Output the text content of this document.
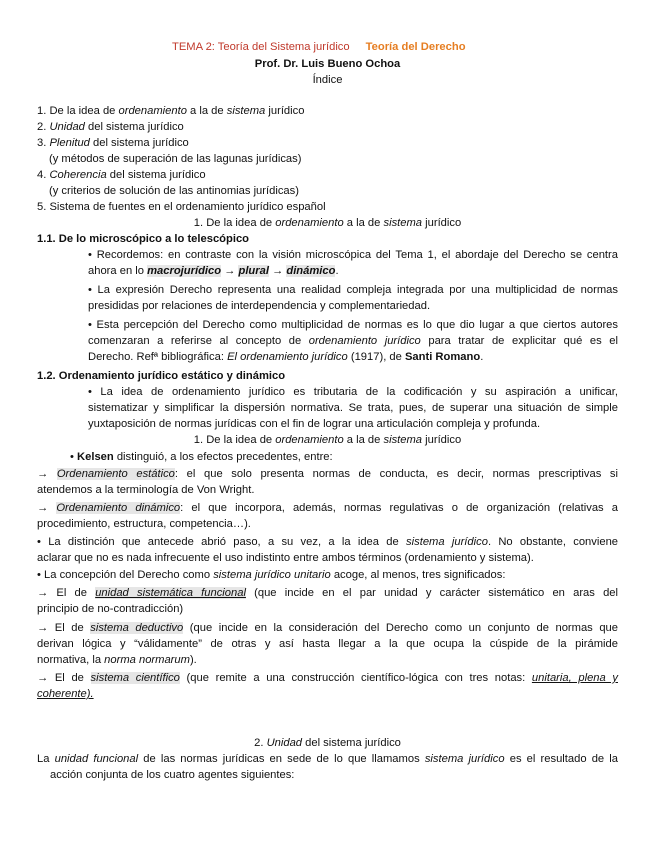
TEMA 2: Teoría del Sistema jurídico Teoría del Derecho
Prof. Dr. Luis Bueno Ochoa
Índice
1. De la idea de ordenamiento a la de sistema jurídico
2. Unidad del sistema jurídico
3. Plenitud del sistema jurídico
(y métodos de superación de las lagunas jurídicas)
4. Coherencia del sistema jurídico
(y criterios de solución de las antinomias jurídicas)
5. Sistema de fuentes en el ordenamiento jurídico español
1. De la idea de ordenamiento a la de sistema jurídico
1.1. De lo microscópico a lo telescópico
• Recordemos: en contraste con la visión microscópica del Tema 1, el abordaje del Derecho se centra
ahora en lo macrojurídico → plural → dinámico.
• La expresión Derecho representa una realidad compleja integrada por una multiplicidad de normas
presididas por relaciones de interdependencia y complementariedad.
• Esta percepción del Derecho como multiplicidad de normas es lo que dio lugar a que ciertos autores
comenzaran a referirse al concepto de ordenamiento jurídico para tratar de explicitar qué es el
Derecho. Refª bibliográfica: El ordenamiento jurídico (1917), de Santi Romano.
1.2. Ordenamiento jurídico estático y dinámico
• La idea de ordenamiento jurídico es tributaria de la codificación y su aspiración a unificar,
sistematizar y simplificar la dispersión normativa. Se trata, pues, de superar una situación de simple
yuxtaposición de normas jurídicas con el fin de lograr una articulación compleja y profunda.
1. De la idea de ordenamiento a la de sistema jurídico
• Kelsen distinguió, a los efectos precedentes, entre:
→ Ordenamiento estático: el que solo presenta normas de conducta, es decir, normas prescriptivas si
atendemos a la terminología de Von Wright.
→ Ordenamiento dinámico: el que incorpora, además, normas regulativas o de organización (relativas a
procedimiento, estructura, competencia…).
• La distinción que antecede abrió paso, a su vez, a la idea de sistema jurídico. No obstante, conviene
aclarar que no es nada infrecuente el uso indistinto entre ambos términos (ordenamiento y sistema).
• La concepción del Derecho como sistema jurídico unitario acoge, al menos, tres significados:
→ El de unidad sistemática funcional (que incide en el par unidad y carácter sistemático en aras del
principio de no-contradicción)
→ El de sistema deductivo (que incide en la consideración del Derecho como un conjunto de normas que
derivan lógica y “válidamente” de otras y así hasta llegar a la que ocupa la cúspide de la pirámide
normativa, la norma normarum).
→ El de sistema científico (que remite a una construcción científico-lógica con tres notas: unitaria, plena y
coherente).
2. Unidad del sistema jurídico
La unidad funcional de las normas jurídicas en sede de lo que llamamos sistema jurídico es el resultado de la
acción conjunta de los cuatro agentes siguientes:
